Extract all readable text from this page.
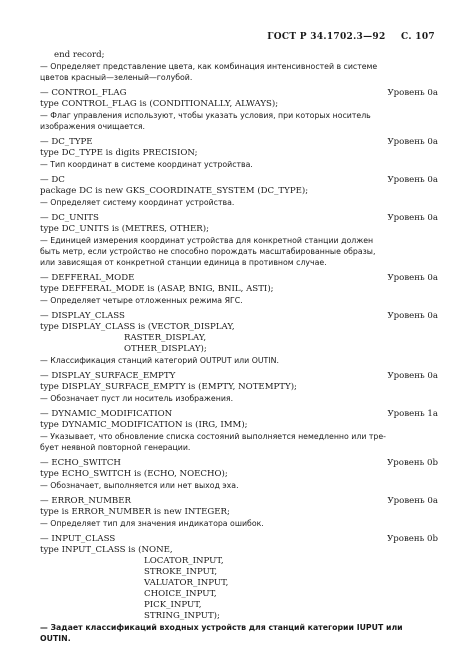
ГОСТ Р 34.1702.3—92 С. 107
end record;
— Определяет представление цвета, как комбинация интенсивностей в системе
цветов красный—зеленый—голубой.
— CONTROL_FLAG	Уровень 0a
type CONTROL_FLAG is (CONDITIONALLY, ALWAYS);
— Флаг управления используют, чтобы указать условия, при которых носитель
изображения очищается.
— DC_TYPE	Уровень 0a
type DC_TYPE is digits PRECISION;
— Тип координат в системе координат устройства.
— DC	Уровень 0a
package DC is new GKS_COORDINATE_SYSTEM (DC_TYPE);
— Определяет систему координат устройства.
— DC_UNITS	Уровень 0a
type DC_UNITS is (METRES, OTHER);
— Единицей измерения координат устройства для конкретной станции должен
быть метр, если устройство не способно порождать масштабированные образы,
или зависящая от конкретной станции единица в противном случае.
— DEFFERAL_MODE	Уровень 0a
type DEFFERAL_MODE is (ASAP, BNIG, BNIL, ASTI);
— Определяет четыре отложенных режима ЯГС.
— DISPLAY_CLASS	Уровень 0a
type DISPLAY_CLASS is (VECTOR_DISPLAY,
RASTER_DISPLAY,
OTHER_DISPLAY);
— Классификация станций категорий OUTPUT или OUTIN.
— DISPLAY_SURFACE_EMPTY	Уровень 0a
type DISPLAY_SURFACE_EMPTY is (EMPTY, NOTEMPTY);
— Обозначает пуст ли носитель изображения.
— DYNAMIC_MODIFICATION	Уровень 1a
type DYNAMIC_MODIFICATION is (IRG, IMM);
— Указывает, что обновление списка состояний выполняется немедленно или тре-
бует неявной повторной генерации.
— ECHO_SWITCH	Уровень 0b
type ECHO_SWITCH is (ECHO, NOECHO);
— Обозначает, выполняется или нет выход эха.
— ERROR_NUMBER	Уровень 0a
type is ERROR_NUMBER is new INTEGER;
— Определяет тип для значения индикатора ошибок.
— INPUT_CLASS	Уровень 0b
type INPUT_CLASS is (NONE,
LOCATOR_INPUT,
STROKE_INPUT,
VALUATOR_INPUT,
CHOICE_INPUT,
PICK_INPUT,
STRING_INPUT);
— Задает классификаций входных устройств для станций категории IUPUT или
OUTIN.
